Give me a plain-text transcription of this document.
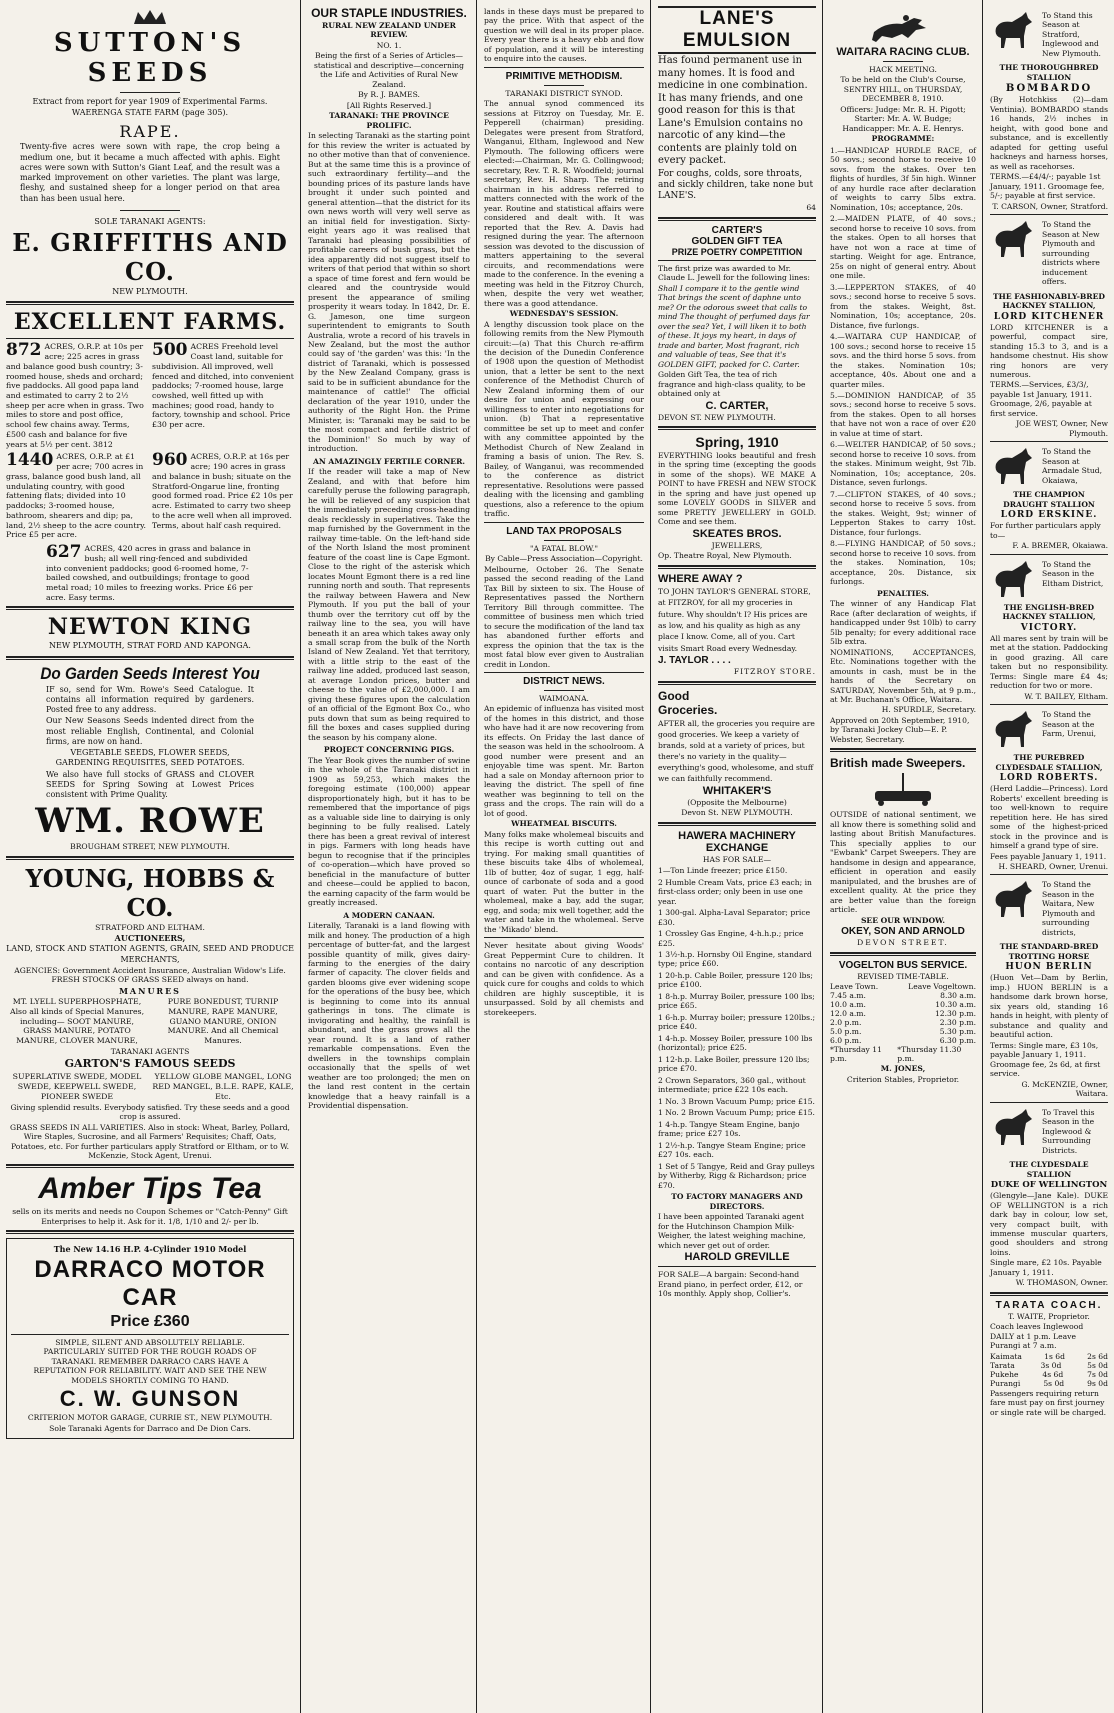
SUTTON'S SEEDS

Extract from report for year 1909 of Experimental Farms.

WAERENGA STATE FARM (page 305).

RAPE.

Twenty-five acres were sown with rape, the crop being a medium one, but it became a much affected with aphis. Eight acres were sown with Sutton's Giant Leaf, and the result was a marked improvement on other varieties. The plant was large, fleshy, and sustained sheep for a longer period on that area than has been usual here.

SOLE TARANAKI AGENTS:

E. GRIFFITHS AND CO.

NEW PLYMOUTH.

EXCELLENT FARMS.
872 ACRES, O.R.P. at 10s per acre; 225 acres in grass and balance good bush country; 3-roomed house, sheds and orchard; five paddocks. All good papa land and estimated to carry 2 to 2½ sheep per acre when in grass. Two miles to store and post office, school few chains away. Terms, £500 cash and balance for five years at 5½ per cent. 3812
500 ACRES Freehold level Coast land, suitable for subdivision. All improved, well fenced and ditched, into convenient paddocks; 7-roomed house, large cowshed, well fitted up with machines; good road, handy to factory, township and school. Price £30 per acre.
1440 ACRES, O.R.P. at £1 per acre; 700 acres in grass, balance good bush land, all undulating country, with good fattening flats; divided into 10 paddocks; 3-roomed house, bathroom, shearers and dip; pa, land, 2½ sheep to the acre country. Price £5 per acre.
960 ACRES, O.R.P. at 16s per acre; 190 acres in grass and balance in bush; situate on the Stratford-Ongarue line, fronting good formed road. Price £2 10s per acre. Estimated to carry two sheep to the acre well when all improved. Terms, about half cash required.
627 ACRES, 420 acres in grass and balance in bush; all well ring-fenced and subdivided into convenient paddocks; good 6-roomed home, 7-bailed cowshed, and outbuildings; frontage to good metal road; 10 miles to freezing works. Price £6 per acre. Easy terms.
NEWTON KING

NEW PLYMOUTH, STRAT FORD AND KAPONGA.

Do Garden Seeds Interest You

IF so, send for Wm. Rowe's Seed Catalogue. It contains all information required by gardeners. Posted free to any address.

Our New Seasons Seeds indented direct from the most reliable English, Continental, and Colonial firms, are now on hand.

VEGETABLE SEEDS, FLOWER SEEDS, GARDENING REQUISITES, SEED POTATOES.

We also have full stocks of GRASS and CLOVER SEEDS for Spring Sowing at Lowest Prices consistent with Prime Quality.

WM. ROWE

BROUGHAM STREET, NEW PLYMOUTH.

YOUNG, HOBBS & CO.

STRATFORD AND ELTHAM.

AUCTIONEERS,

LAND, STOCK AND STATION AGENTS, GRAIN, SEED AND PRODUCE MERCHANTS,

AGENCIES: Government Accident Insurance, Australian Widow's Life. FRESH STOCKS OF GRASS SEED always on hand.

MANURES

MT. LYELL SUPERPHOSPHATE, Also all kinds of Special Manures, including— SOOT MANURE, GRASS MANURE, POTATO MANURE, CLOVER MANURE,
PURE BONEDUST, TURNIP MANURE, RAPE MANURE, GUANO MANURE, ONION MANURE. And all Chemical Manures.

TARANAKI AGENTS

GARTON'S FAMOUS SEEDS

SUPERLATIVE SWEDE, MODEL SWEDE, KEEPWELL SWEDE, PIONEER SWEDE
YELLOW GLOBE MANGEL, LONG RED MANGEL, B.L.E. RAPE, KALE, Etc.

Giving splendid results. Everybody satisfied. Try these seeds and a good crop is assured.

GRASS SEEDS IN ALL VARIETIES. Also in stock: Wheat, Barley, Pollard, Wire Staples, Sucrosine, and all Farmers' Requisites; Chaff, Oats, Potatoes, etc. For further particulars apply Stratford or Eltham, or to W. McKenzie, Stock Agent, Urenui.

Amber Tips Tea

sells on its merits and needs no Coupon Schemes or "Catch-Penny" Gift Enterprises to help it. Ask for it. 1/8, 1/10 and 2/- per lb.

The New 14.16 H.P. 4-Cylinder 1910 Model

DARRACO MOTOR CAR

Price £360

SIMPLE, SILENT AND ABSOLUTELY RELIABLE. PARTICULARLY SUITED FOR THE ROUGH ROADS OF TARANAKI. REMEMBER DARRACO CARS HAVE A REPUTATION FOR RELIABILITY. WAIT AND SEE THE NEW MODELS SHORTLY COMING TO HAND.

C. W. GUNSON

CRITERION MOTOR GARAGE, CURRIE ST., NEW PLYMOUTH.

Sole Taranaki Agents for Darraco and De Dion Cars.

OUR STAPLE INDUSTRIES.

RURAL NEW ZEALAND UNDER REVIEW.

NO. 1.

Being the first of a Series of Articles—statistical and descriptive—concerning the Life and Activities of Rural New Zealand.

By R. J. BAMES.

[All Rights Reserved.]

TARANAKI: THE PROVINCE PROLIFIC.

In selecting Taranaki as the starting point for this review the writer is actuated by no other motive than that of convenience. But at the same time this is a province of such extraordinary fertility—and the bounding prices of its pasture lands have brought it under such pointed and general attention—that the district for its own news worth will very well serve as an initial field for investigation. Sixty-eight years ago it was realised that Taranaki had pleasing possibilities of profitable careers of bush grass, but the idea apparently did not suggest itself to writers of that period that within so short a space of time forest and fern would be cleared and the countryside would present the appearance of smiling prosperity it wears today. In 1842, Dr. E. G. Jameson, one time surgeon superintendent to emigrants to South Australia, wrote a record of his travels in New Zealand, but the most the author could say of 'the garden' was this: 'In the district of Taranaki, which is possessed by the New Zealand Company, grass is said to be in sufficient abundance for the maintenance of cattle!' The official declaration of the year 1910, under the authority of the Right Hon. the Prime Minister, is: 'Taranaki may be said to be the most compact and fertile district of the Dominion!' So much by way of introduction.

AN AMAZINGLY FERTILE CORNER.

If the reader will take a map of New Zealand, and with that before him carefully peruse the following paragraph, he will be relieved of any suspicion that the immediately preceding cross-heading deals recklessly in superlatives. Take the map furnished by the Government in the railway time-table. On the left-hand side of the North Island the most prominent feature of the coast line is Cape Egmont. Close to the right of the asterisk which locates Mount Egmont there is a red line running north and south. That represents the railway between Hawera and New Plymouth. If you put the ball of your thumb over the territory cut off by the railway line to the sea, you will have beneath it an area which takes away only a small scrap from the bulk of the North Island of New Zealand. Yet that territory, with a little strip to the east of the railway line added, produced last season, at average London prices, butter and cheese to the value of £2,000,000. I am giving these figures upon the calculation of an official of the Egmont Box Co., who puts down that sum as being required to fill the boxes and cases supplied during the season by his company alone.

PROJECT CONCERNING PIGS.

The Year Book gives the number of swine in the whole of the Taranaki district in 1909 as 59,253, which makes the foregoing estimate (100,000) appear disproportionately high, but it has to be remembered that the importance of pigs as a valuable side line to dairying is only beginning to be fully realised. Lately there has been a great revival of interest in pigs. Farmers with long heads have begun to recognise that if the principles of co-operation—which have proved so beneficial in the manufacture of butter and cheese—could be applied to bacon, the earning capacity of the farm would be greatly increased.

A MODERN CANAAN.

Literally, Taranaki is a land flowing with milk and honey. The production of a high percentage of butter-fat, and the largest possible quantity of milk, gives dairy-farming to the energies of the dairy farmer of capacity. The clover fields and garden blooms give ever widening scope for the operations of the busy bee, which is beginning to come into its annual gatherings in tons. The climate is invigorating and healthy, the rainfall is abundant, and the grass grows all the year round. It is a land of rather remarkable compensations. Even the dwellers in the townships complain occasionally that the spells of wet weather are too prolonged; the men on the land rest content in the certain knowledge that a heavy rainfall is a Providential dispensation.

lands in these days must be prepared to pay the price. With that aspect of the question we will deal in its proper place. Every year there is a heavy ebb and flow of population, and it will be interesting to enquire into the causes.

PRIMITIVE METHODISM.

TARANAKI DISTRICT SYNOD.

The annual synod commenced its sessions at Fitzroy on Tuesday, Mr. E. Pepperell (chairman) presiding. Delegates were present from Stratford, Wanganui, Eltham, Inglewood and New Plymouth. The following officers were elected:—Chairman, Mr. G. Collingwood; secretary, Rev. T. R. R. Woodfield; journal secretary, Rev. H. Sharp. The retiring chairman in his address referred to matters connected with the work of the year. Routine and statistical affairs were considered and dealt with. It was reported that the Rev. A. Davis had resigned during the year. The afternoon session was devoted to the discussion of matters appertaining to the several circuits, and recommendations were made to the conference. In the evening a meeting was held in the Fitzroy Church, when, despite the very wet weather, there was a good attendance.

WEDNESDAY'S SESSION.

A lengthy discussion took place on the following remits from the New Plymouth circuit:—(a) That this Church re-affirm the decision of the Dunedin Conference of 1908 upon the question of Methodist union, that a letter be sent to the next conference of the Methodist Church of New Zealand informing them of our desire for union and expressing our willingness to enter into negotiations for union. (b) That a representative committee be set up to meet and confer with any committee appointed by the Methodist Church of New Zealand in framing a basis of union. The Rev. S. Bailey, of Wanganui, was recommended to the conference as district representative. Resolutions were passed dealing with the licensing and gambling questions, also a reference to the opium traffic.

LAND TAX PROPOSALS

"A FATAL BLOW."

By Cable—Press Association—Copyright.

Melbourne, October 26. The Senate passed the second reading of the Land Tax Bill by sixteen to six. The House of Representatives passed the Northern Territory Bill through committee. The committee of business men which tried to secure the modification of the land tax has abandoned further efforts and express the opinion that the tax is the most fatal blow ever given to Australian credit in London.

DISTRICT NEWS.

WAIMOANA.

An epidemic of influenza has visited most of the homes in this district, and those who have had it are now recovering from its effects. On Friday the last dance of the season was held in the schoolroom. A good number were present and an enjoyable time was spent. Mr. Barton had a sale on Monday afternoon prior to leaving the district. The spell of fine weather was beginning to tell on the grass and the crops. The rain will do a lot of good.

WHEATMEAL BISCUITS.

Many folks make wholemeal biscuits and this recipe is worth cutting out and trying. For making small quantities of these biscuits take 4lbs of wholemeal, 1lb of butter, 4oz of sugar, 1 egg, half-ounce of carbonate of soda and a good quart of water. Put the butter in the wholemeal, make a bay, add the sugar, egg, and soda; mix well together, add the water and take in the wholemeal. Serve the 'Mikado' blend.

Never hesitate about giving Woods' Great Peppermint Cure to children. It contains no narcotic of any description and can be given with confidence. As a quick cure for coughs and colds to which children are highly susceptible, it is unsurpassed. Sold by all chemists and storekeepers.

LANE'S EMULSION

Has found permanent use in many homes. It is food and medicine in one combination. It has many friends, and one good reason for this is that Lane's Emulsion contains no narcotic of any kind—the contents are plainly told on every packet.

For coughs, colds, sore throats, and sickly children, take none but LANE'S.

64

CARTER'S
GOLDEN GIFT TEA
PRIZE POETRY COMPETITION

The first prize was awarded to Mr. Claude L. Jewell for the following lines:

Shall I compare it to the gentle wind That brings the scent of daphne unto me? Or the odorous sweet that calls to mind The thought of perfumed days far over the sea? Yet, I will liken it to both of these. It joys my heart, in days of trade and barter, Most fragrant, rich and valuable of teas, See that it's GOLDEN GIFT, packed for C. Carter.

Golden Gift Tea, the tea of rich fragrance and high-class quality, to be obtained only at

C. CARTER,

DEVON ST. NEW PLYMOUTH.

Spring, 1910

EVERYTHING looks beautiful and fresh in the spring time (excepting the goods in some of the shops). WE MAKE A POINT to have FRESH and NEW STOCK in the spring and have just opened up some LOVELY GOODS in SILVER and some PRETTY JEWELLERY in GOLD. Come and see them.

SKEATES BROS.

JEWELLERS,

Op. Theatre Royal, New Plymouth.

WHERE AWAY ?

TO JOHN TAYLOR'S GENERAL STORE, at FITZROY, for all my groceries in future. Why shouldn't I? His prices are as low, and his quality as high as any place I know. Come, all of you. Cart visits Smart Road every Wednesday.

J. TAYLOR . . . .

FITZROY STORE.

Good
Groceries.

AFTER all, the groceries you require are good groceries. We keep a variety of brands, sold at a variety of prices, but there's no variety in the quality—everything's good, wholesome, and stuff we can faithfully recommend.

WHITAKER'S

(Opposite the Melbourne)

Devon St. NEW PLYMOUTH.

HAWERA MACHINERY EXCHANGE

HAS FOR SALE—

1—Ton Linde freezer; price £150.
2 Humble Cream Vats, price £3 each; in first-class order; only been in use one year.
1 300-gal. Alpha-Laval Separator; price £30.
1 Crossley Gas Engine, 4-h.h.p.; price £25.
1 3½-h.p. Hornsby Oil Engine, standard type; price £60.
1 20-h.p. Cable Boiler, pressure 120 lbs; price £100.
1 8-h.p. Murray Boiler, pressure 100 lbs; price £65.
1 6-h.p. Murray boiler; pressure 120lbs.; price £40.
1 4-h.p. Mossey Boiler, pressure 100 lbs (horizontal); price £25.
1 12-h.p. Lake Boiler, pressure 120 lbs; price £70.
2 Crown Separators, 360 gal., without intermediate; price £22 10s each.
1 No. 3 Brown Vacuum Pump; price £15.
1 No. 2 Brown Vacuum Pump; price £15.
1 4-h.p. Tangye Steam Engine, banjo frame; price £27 10s.
1 2½-h.p. Tangye Steam Engine; price £27 10s. each.
1 Set of 5 Tangye, Reid and Gray pulleys by Witherby, Rigg & Richardson; price £70.

TO FACTORY MANAGERS AND DIRECTORS.

I have been appointed Taranaki agent for the Hutchinson Champion Milk-Weigher, the latest weighing machine, which never get out of order.

HAROLD GREVILLE

FOR SALE—A bargain: Second-hand Erand piano, in perfect order, £12, or 10s monthly. Apply shop, Collier's.

WAITARA RACING CLUB.

HACK MEETING.

To be held on the Club's Course, SENTRY HILL, on THURSDAY, DECEMBER 8, 1910.

Officers: Judge: Mr. R. H. Pigott; Starter: Mr. A. W. Budge; Handicapper: Mr. A. E. Henrys.

PROGRAMME:

1.—HANDICAP HURDLE RACE, of 50 sovs.; second horse to receive 10 sovs. from the stakes. Over ten flights of hurdles, 3f 5in high. Winner of any hurdle race after declaration of weights to carry 5lbs extra. Nomination, 10s; acceptance, 20s.
2.—MAIDEN PLATE, of 40 sovs.; second horse to receive 10 sovs. from the stakes. Open to all horses that have not won a race at time of starting. Weight for age. Entrance, 25s on night of general entry. About one mile.
3.—LEPPERTON STAKES, of 40 sovs.; second horse to receive 5 sovs. from the stakes. Weight, 8st. Nomination, 10s; acceptance, 20s. Distance, five furlongs.
4.—WAITARA CUP HANDICAP, of 100 sovs.; second horse to receive 15 sovs. and the third horse 5 sovs. from the stakes. Nomination 10s; acceptance, 40s. About one and a quarter miles.
5.—DOMINION HANDICAP, of 35 sovs.; second horse to receive 5 sovs. from the stakes. Open to all horses that have not won a race of over £20 in value at time of start.
6.—WELTER HANDICAP, of 50 sovs.; second horse to receive 10 sovs. from the stakes. Minimum weight, 9st 7lb. Nomination, 10s; acceptance, 20s. Distance, seven furlongs.
7.—CLIFTON STAKES, of 40 sovs.; second horse to receive 5 sovs. from the stakes. Weight, 9st; winner of Lepperton Stakes to carry 10st. Distance, four furlongs.
8.—FLYING HANDICAP, of 50 sovs.; second horse to receive 10 sovs. from the stakes. Nomination, 10s; acceptance, 20s. Distance, six furlongs.

PENALTIES.

The winner of any Handicap Flat Race (after declaration of weights, if handicapped under 9st 10lb) to carry 5lb penalty; for every additional race 5lb extra.

NOMINATIONS, ACCEPTANCES, Etc. Nominations together with the amounts in cash, must be in the hands of the Secretary on SATURDAY, November 5th, at 9 p.m., at Mr. Buchanan's Office, Waitara.

H. SPURDLE, Secretary.

Approved on 20th September, 1910, by Taranaki Jockey Club—E. P. Webster, Secretary.

British made Sweepers.

OUTSIDE of national sentiment, we all know there is something solid and lasting about British Manufactures. This specially applies to our "Ewbank" Carpet Sweepers. They are handsome in design and appearance, efficient in operation and easily manipulated, and the brushes are of excellent quality. At the price they are better value than the foreign article.

SEE OUR WINDOW.

OKEY, SON AND ARNOLD

DEVON STREET.

VOGELTON BUS SERVICE.

REVISED TIME-TABLE.

Leave Town.	Leave Vogeltown.
7.45 a.m.	8.30 a.m.
10.0 a.m.	10.30 a.m.
12.0 a.m.	12.30 p.m.
2.0 p.m.	2.30 p.m.
5.0 p.m.	5.30 p.m.
6.0 p.m.	6.30 p.m.
*Thursday 11 p.m.
*Thursday 11.30 p.m.

M. JONES,

Criterion Stables, Proprietor.

To Stand this Season at Stratford, Inglewood and New Plymouth.

THE THOROUGHBRED STALLION

BOMBARDO

(By Hotchkiss (2)—dam Ventinia). BOMBARDO stands 16 hands, 2½ inches in height, with good bone and substance, and is excellently adapted for getting useful hackneys and harness horses, as well as racehorses.

TERMS.—£4/4/-; payable 1st January, 1911. Groomage fee, 5/-; payable at first service.

T. CARSON, Owner, Stratford.

To Stand the Season at New Plymouth and surrounding districts where inducement offers.

THE FASHIONABLY-BRED HACKNEY STALLION,

LORD KITCHENER

LORD KITCHENER is a powerful, compact sire, standing 15.3 to 3, and is a handsome chestnut. His show ring honors are very numerous.

TERMS.—Services, £3/3/, payable 1st January, 1911. Groomage, 2/6, payable at first service.

JOE WEST, Owner, New Plymouth.

To Stand the Season at Armadale Stud, Okaiawa,

THE CHAMPION DRAUGHT STALLION

LORD ERSKINE.

For further particulars apply to—

F. A. BREMER, Okaiawa.

To Stand the Season in the Eltham District,

THE ENGLISH-BRED HACKNEY STALLION,

VICTORY.

All mares sent by train will be met at the station. Paddocking in good grazing. All care taken but no responsibility. Terms: Single mare £4 4s; reduction for two or more.

W. T. BAILEY, Eltham.

To Stand the Season at the Farm, Urenui,

THE PUREBRED CLYDESDALE STALLION,

LORD ROBERTS.

(Herd Laddie—Princess). Lord Roberts' excellent breeding is too well-known to require repetition here. He has sired some of the highest-priced stock in the province and is himself a grand type of sire.

Fees payable January 1, 1911.

H. SHEARD, Owner, Urenui.

To Stand the Season in the Waitara, New Plymouth and surrounding districts,

THE STANDARD-BRED TROTTING HORSE

HUON BERLIN

(Huon Vet—Dam by Berlin, imp.) HUON BERLIN is a handsome dark brown horse, six years old, standing 16 hands in height, with plenty of substance and quality and beautiful action.

Terms: Single mare, £3 10s, payable January 1, 1911. Groomage fee, 2s 6d, at first service.

G. McKENZIE, Owner, Waitara.

To Travel this Season in the Inglewood & Surrounding Districts.

THE CLYDESDALE STALLION

DUKE OF WELLINGTON

(Glengyle—Jane Kale). DUKE OF WELLINGTON is a rich dark bay in colour, low set, very compact built, with immense muscular quarters, good shoulders and strong loins.

Single mare, £2 10s. Payable January 1, 1911.

W. THOMASON, Owner.

TARATA COACH.

T. WAITE, Proprietor.

Coach leaves Inglewood DAILY at 1 p.m. Leave Purangi at 7 a.m.

Kaimata	1s 6d	2s 6d
Tarata	3s 0d	5s 0d
Pukehe	4s 6d	7s 0d
Purangi	5s 0d	9s 0d

Passengers requiring return fare must pay on first journey or single rate will be charged.
